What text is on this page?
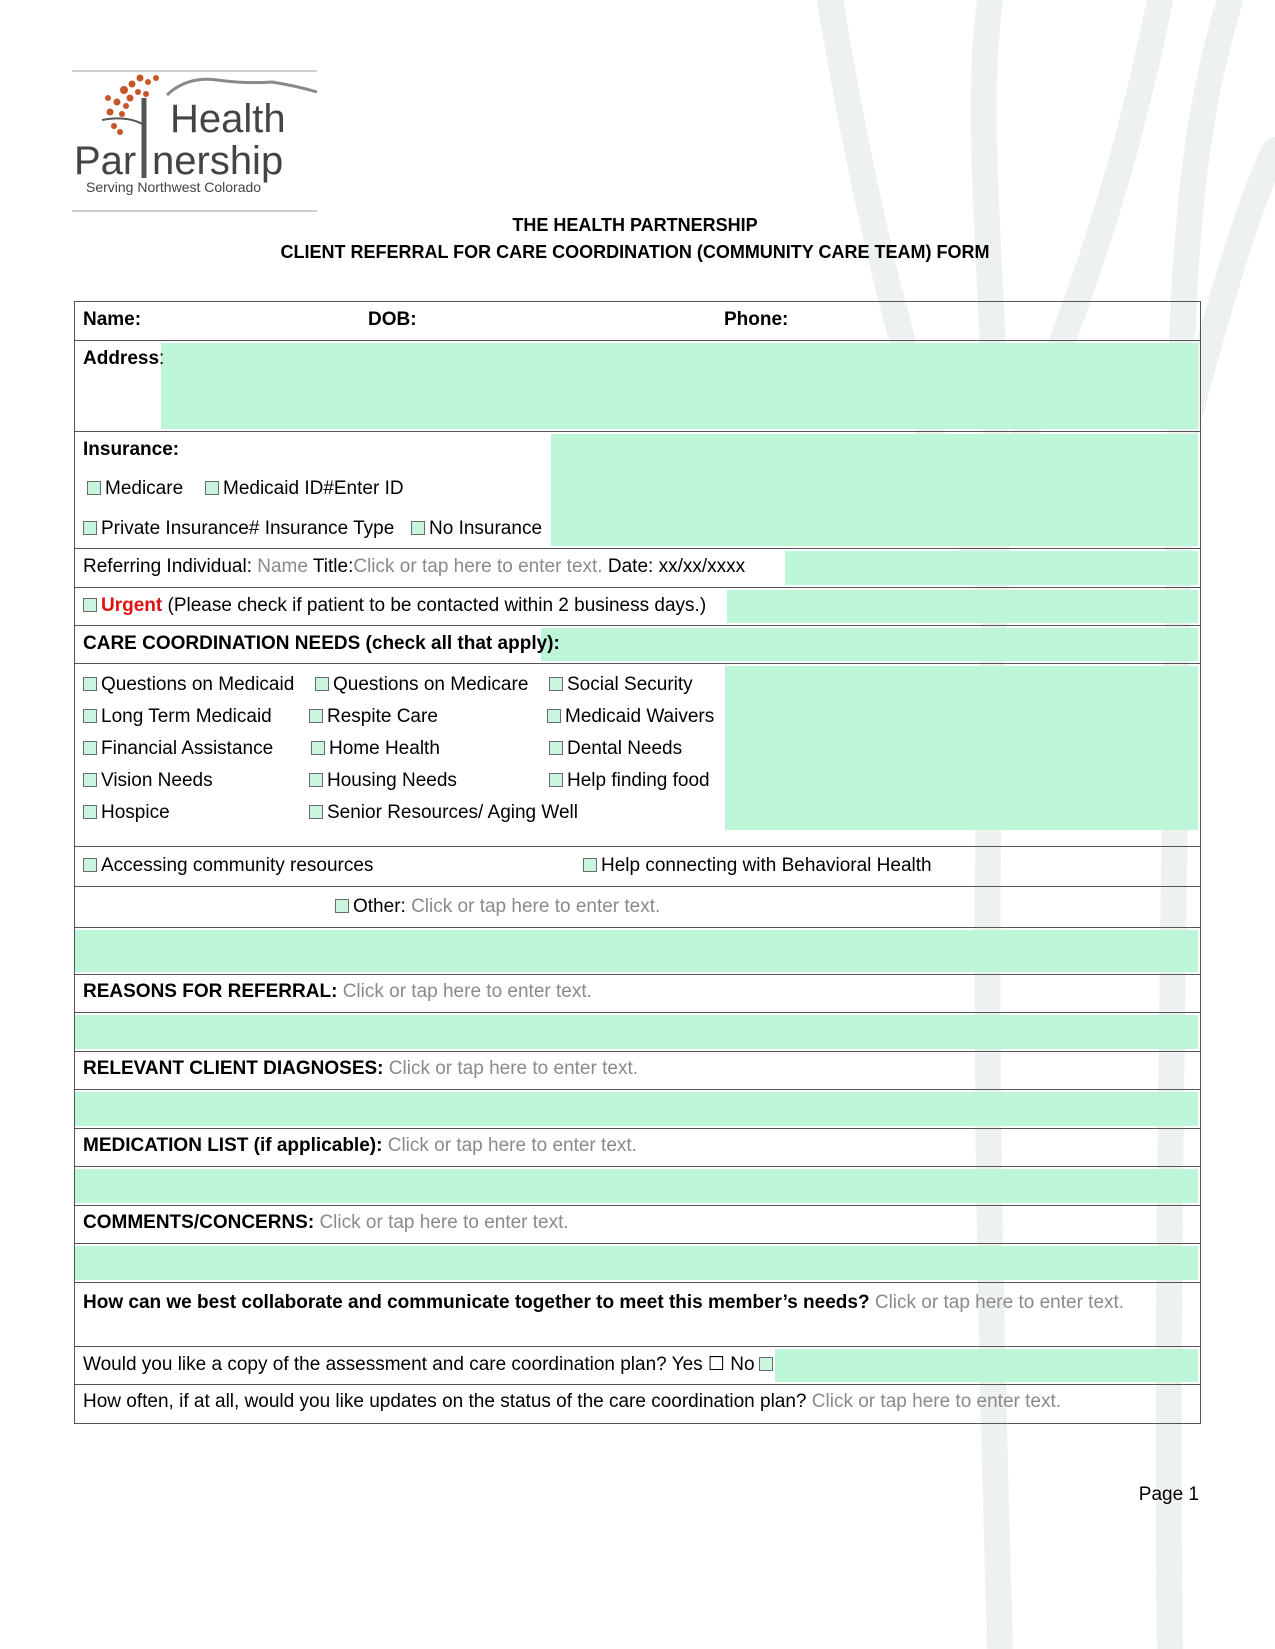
Health
Par nership
Serving Northwest Colorado
THE HEALTH PARTNERSHIP
CLIENT REFERRAL FOR CARE COORDINATION (COMMUNITY CARE TEAM) FORM
Name:	DOB:	Phone:
Address:
Insurance:
Medicare	Medicaid ID#Enter ID
Private Insurance# Insurance Type	No Insurance
Referring Individual: Name Title:Click or tap here to enter text. Date: xx/xx/xxxx
Urgent (Please check if patient to be contacted within 2 business days.)
CARE COORDINATION NEEDS (check all that apply):
Questions on Medicaid	Questions on Medicare	Social Security
Long Term Medicaid	Respite Care	Medicaid Waivers
Financial Assistance	Home Health	Dental Needs
Vision Needs	Housing Needs	Help finding food
Hospice	Senior Resources/ Aging Well
Accessing community resources	Help connecting with Behavioral Health
Other: Click or tap here to enter text.
REASONS FOR REFERRAL: Click or tap here to enter text.
RELEVANT CLIENT DIAGNOSES: Click or tap here to enter text.
MEDICATION LIST (if applicable): Click or tap here to enter text.
COMMENTS/CONCERNS: Click or tap here to enter text.
How can we best collaborate and communicate together to meet this member’s needs? Click or tap here to enter text.
Would you like a copy of the assessment and care coordination plan? Yes ☐ No
How often, if at all, would you like updates on the status of the care coordination plan? Click or tap here to enter text.
Page 1
